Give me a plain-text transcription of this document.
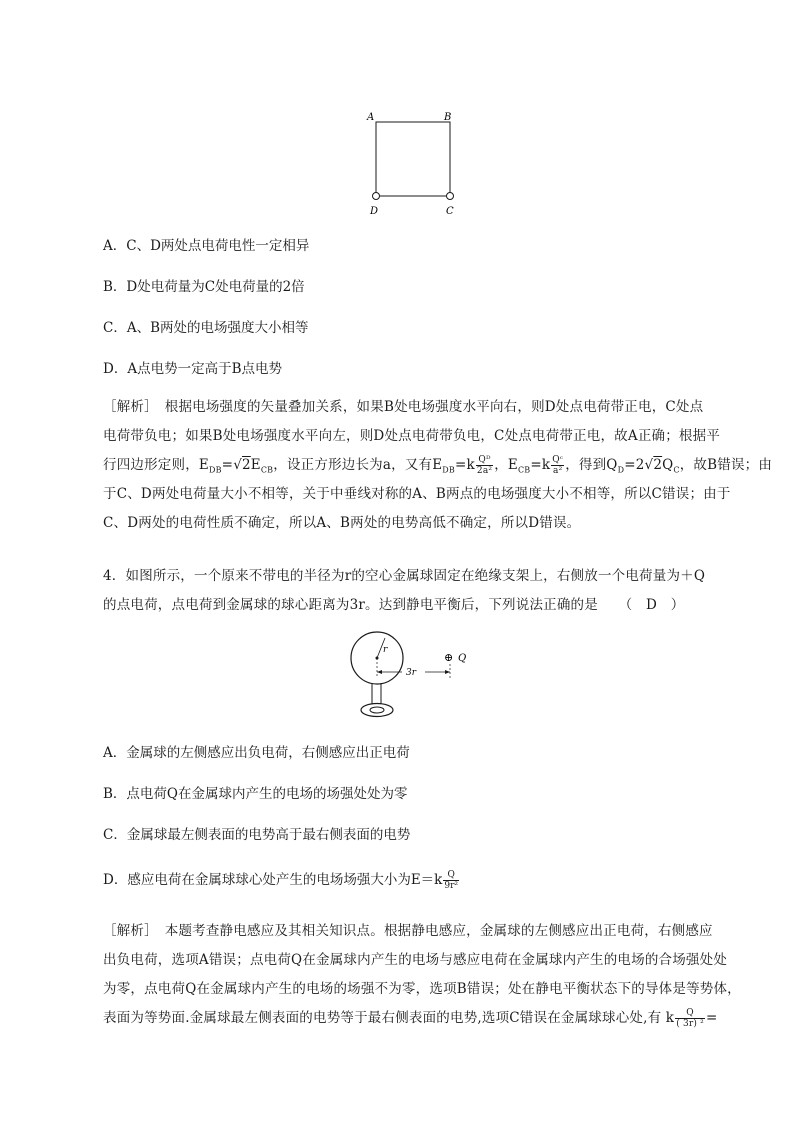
A	B
D	C
A．C、D两处点电荷电性一定相异
B．D处电荷量为C处电荷量的2倍
C．A、B两处的电场强度大小相等
D．A点电势一定高于B点电势
［解析］　根据电场强度的矢量叠加关系，如果B处电场强度水平向右，则D处点电荷带正电，C处点
电荷带负电；如果B处电场强度水平向左，则D处点电荷带负电，C处点电荷带正电，故A正确；根据平
行四边形定则，$E_{DB}=√2E_{CB}$，设正方形边长为a，又有$E_{DB}=k \frac{\text{Qᴰ}}{\text{2a²}}$ ，$E_{CB}=k \frac{\text{Qᶜ}}{\text{a²}}$ ，得到$Q_D=2√2Q_C$，故B错误；由
于C、D两处电荷量大小不相等，关于中垂线对称的A、B两点的电场强度大小不相等，所以C错误；由于
C、D两处的电荷性质不确定，所以A、B两处的电势高低不确定，所以D错误。
4．如图所示，一个原来不带电的半径为r的空心金属球固定在绝缘支架上，右侧放一个电荷量为＋Q
的点电荷，点电荷到金属球的球心距离为3r。达到静电平衡后，下列说法正确的是　　（　D　）
r
3r
⊕ Q
A．金属球的左侧感应出负电荷，右侧感应出正电荷
B．点电荷Q在金属球内产生的电场的场强处处为零
C．金属球最左侧表面的电势高于最右侧表面的电势
D．感应电荷在金属球球心处产生的电场场强大小为$E=k \frac{Q}{\text{9r²}}$
［解析］　本题考查静电感应及其相关知识点。根据静电感应，金属球的左侧感应出正电荷，右侧感应
出负电荷，选项A错误；点电荷Q在金属球内产生的电场与感应电荷在金属球内产生的电场的合场强处处
为零，点电荷Q在金属球内产生的电场的场强不为零，选项B错误；处在静电平衡状态下的导体是等势体，
表面为等势面.金属球最左侧表面的电势等于最右侧表面的电势,选项C错误在金属球球心处,有 k $\frac{Q}{\text{( 3r) ²}}$ =
